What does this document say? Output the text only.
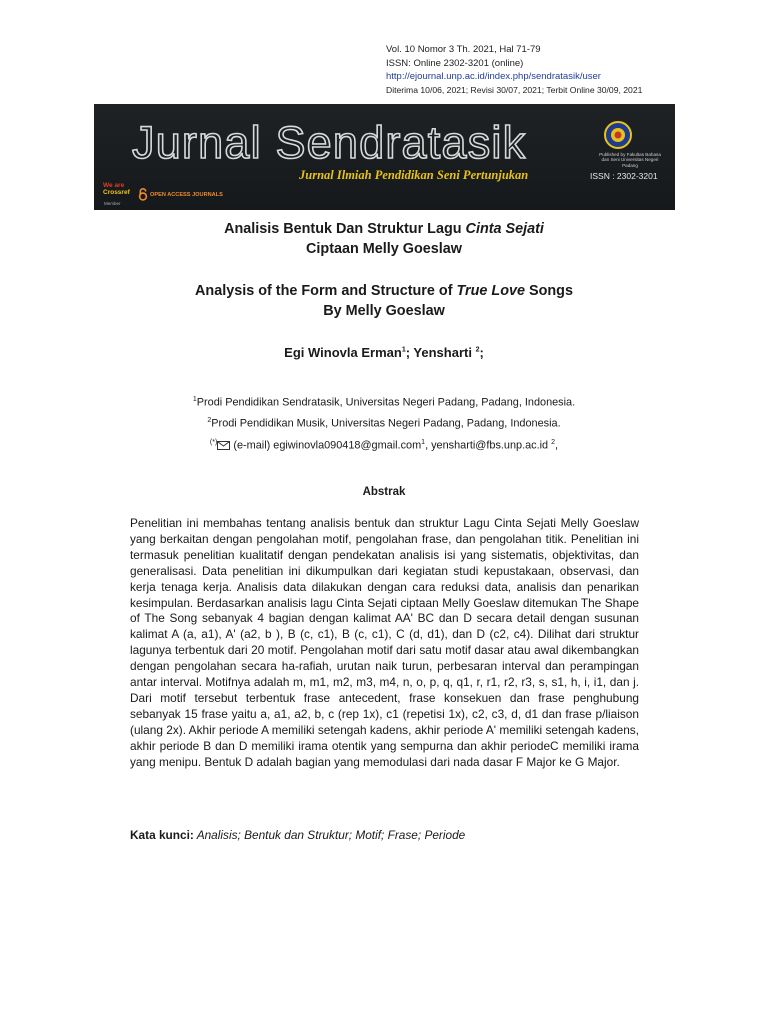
Vol. 10 Nomor 3 Th. 2021, Hal 71-79
ISSN: Online 2302-3201 (online)
http://ejournal.unp.ac.id/index.php/sendratasik/user
Diterima 10/06, 2021; Revisi 30/07, 2021; Terbit Online 30/09, 2021
Jurnal Sendratasik
Jurnal Ilmiah Pendidikan Seni Pertunjukan
Published by Fakultas Bahasa dan Seni Universitas Negeri Padang
ISSN : 2302-3201
We are
Crossref
Member
OPEN ACCESS JOURNALS
Analisis Bentuk Dan Struktur Lagu Cinta Sejati
Ciptaan Melly Goeslaw
Analysis of the Form and Structure of True Love Songs
By Melly Goeslaw
Egi Winovla Erman$^1$; Yensharti $^2$;
$^1$Prodi Pendidikan Sendratasik, Universitas Negeri Padang, Padang, Indonesia.
$^2$Prodi Pendidikan Musik, Universitas Negeri Padang, Padang, Indonesia.
(*) (e-mail) egiwinovla090418@gmail.com$^1$, yensharti@fbs.unp.ac.id $^2$,
Abstrak

Penelitian ini membahas tentang analisis bentuk dan struktur Lagu Cinta Sejati Melly Goeslaw yang berkaitan dengan pengolahan motif, pengolahan frase, dan pengolahan titik. Penelitian ini termasuk penelitian kualitatif dengan pendekatan analisis isi yang sistematis, objektivitas, dan generalisasi. Data penelitian ini dikumpulkan dari kegiatan studi kepustakaan, observasi, dan kerja tenaga kerja. Analisis data dilakukan dengan cara reduksi data, analisis dan penarikan kesimpulan. Berdasarkan analisis lagu Cinta Sejati ciptaan Melly Goeslaw ditemukan The Shape of The Song sebanyak 4 bagian dengan kalimat AA' BC dan D secara detail dengan susunan kalimat A (a, a1), A' (a2, b ), B (c, c1), B (c, c1), C (d, d1), dan D (c2, c4). Dilihat dari struktur lagunya terbentuk dari 20 motif. Pengolahan motif dari satu motif dasar atau awal dikembangkan dengan pengolahan secara ha-rafiah, urutan naik turun, perbesaran interval dan perampingan antar interval. Motifnya adalah m, m1, m2, m3, m4, n, o, p, q, q1, r, r1, r2, r3, s, s1, h, i, i1, dan j. Dari motif tersebut terbentuk frase antecedent, frase konsekuen dan frase penghubung sebanyak 15 frase yaitu a, a1, a2, b, c (rep 1x), c1 (repetisi 1x), c2, c3, d, d1 dan frase p/liaison (ulang 2x). Akhir periode A memiliki setengah kadens, akhir periode A' memiliki setengah kadens, akhir periode B dan D memiliki irama otentik yang sempurna dan akhir periodeC memiliki irama yang menipu. Bentuk D adalah bagian yang memodulasi dari nada dasar F Major ke G Major.

Kata kunci: Analisis; Bentuk dan Struktur; Motif; Frase; Periode
